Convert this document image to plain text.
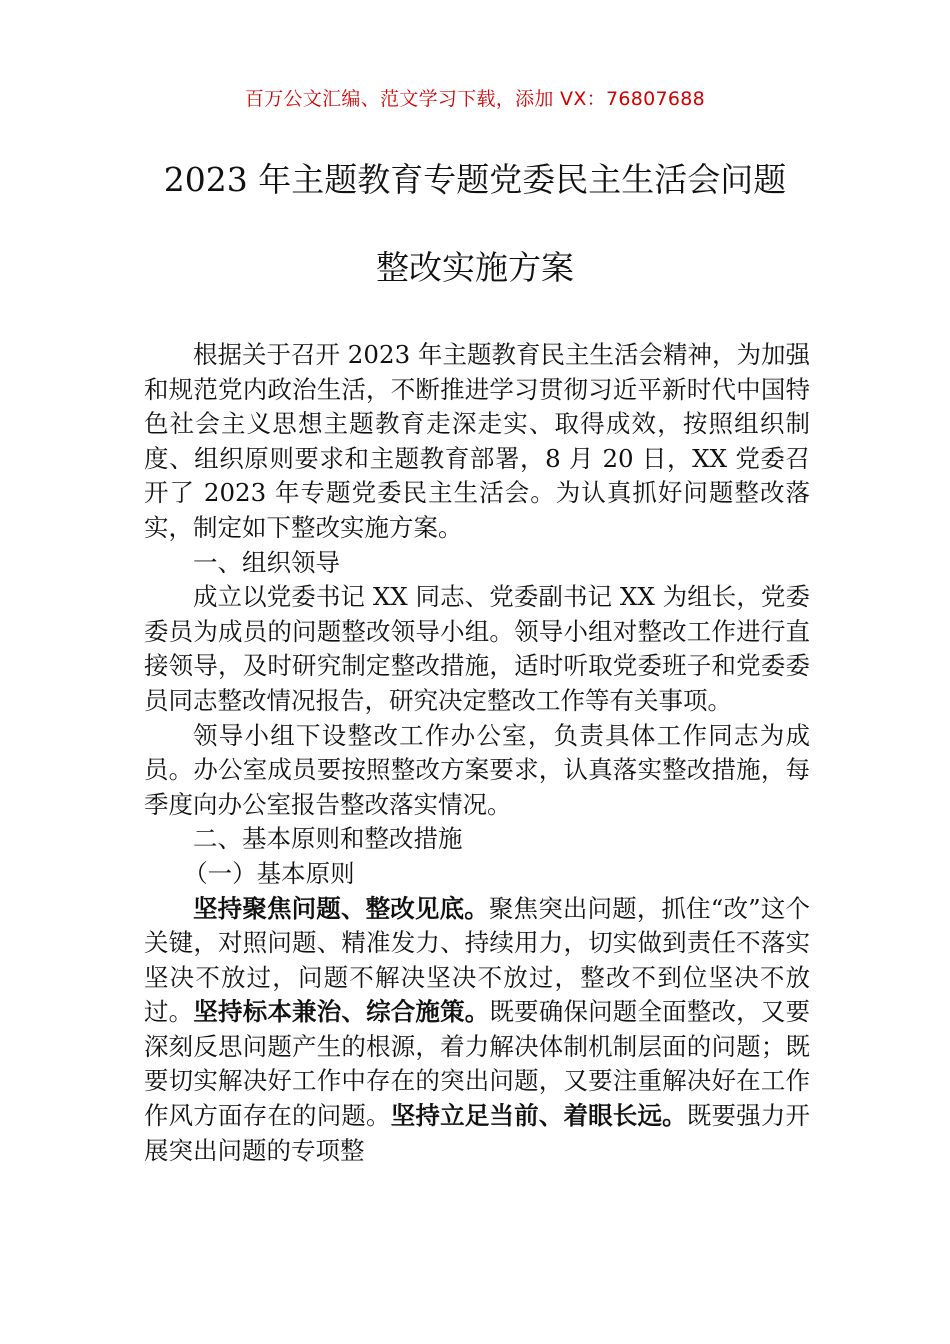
百万公文汇编、范文学习下载，添加 VX：76807688
2023 年主题教育专题党委民主生活会问题
整改实施方案

根据关于召开 2023 年主题教育民主生活会精神，为加强和规范党内政治生活，不断推进学习贯彻习近平新时代中国特色社会主义思想主题教育走深走实、取得成效，按照组织制度、组织原则要求和主题教育部署，8 月 20 日，XX 党委召开了 2023 年专题党委民主生活会。为认真抓好问题整改落实，制定如下整改实施方案。

一、组织领导

成立以党委书记 XX 同志、党委副书记 XX 为组长，党委委员为成员的问题整改领导小组。领导小组对整改工作进行直接领导，及时研究制定整改措施，适时听取党委班子和党委委员同志整改情况报告，研究决定整改工作等有关事项。

领导小组下设整改工作办公室，负责具体工作同志为成员。办公室成员要按照整改方案要求，认真落实整改措施，每季度向办公室报告整改落实情况。

二、基本原则和整改措施

（一）基本原则

坚持聚焦问题、整改见底。聚焦突出问题，抓住“改”这个关键，对照问题、精准发力、持续用力，切实做到责任不落实坚决不放过，问题不解决坚决不放过，整改不到位坚决不放过。坚持标本兼治、综合施策。既要确保问题全面整改，又要深刻反思问题产生的根源，着力解决体制机制层面的问题；既要切实解决好工作中存在的突出问题，又要注重解决好在工作作风方面存在的问题。坚持立足当前、着眼长远。既要强力开展突出问题的专项整
